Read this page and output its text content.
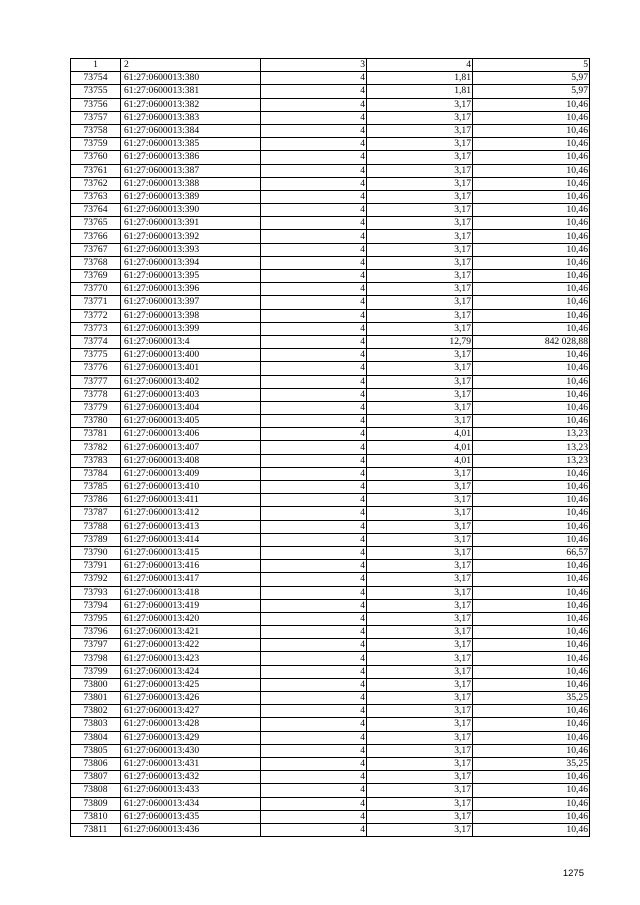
1	2	3	4	5
73754	61:27:0600013:380	4	1,81	5,97
73755	61:27:0600013:381	4	1,81	5,97
73756	61:27:0600013:382	4	3,17	10,46
73757	61:27:0600013:383	4	3,17	10,46
73758	61:27:0600013:384	4	3,17	10,46
73759	61:27:0600013:385	4	3,17	10,46
73760	61:27:0600013:386	4	3,17	10,46
73761	61:27:0600013:387	4	3,17	10,46
73762	61:27:0600013:388	4	3,17	10,46
73763	61:27:0600013:389	4	3,17	10,46
73764	61:27:0600013:390	4	3,17	10,46
73765	61:27:0600013:391	4	3,17	10,46
73766	61:27:0600013:392	4	3,17	10,46
73767	61:27:0600013:393	4	3,17	10,46
73768	61:27:0600013:394	4	3,17	10,46
73769	61:27:0600013:395	4	3,17	10,46
73770	61:27:0600013:396	4	3,17	10,46
73771	61:27:0600013:397	4	3,17	10,46
73772	61:27:0600013:398	4	3,17	10,46
73773	61:27:0600013:399	4	3,17	10,46
73774	61:27:0600013:4	4	12,79	842 028,88
73775	61:27:0600013:400	4	3,17	10,46
73776	61:27:0600013:401	4	3,17	10,46
73777	61:27:0600013:402	4	3,17	10,46
73778	61:27:0600013:403	4	3,17	10,46
73779	61:27:0600013:404	4	3,17	10,46
73780	61:27:0600013:405	4	3,17	10,46
73781	61:27:0600013:406	4	4,01	13,23
73782	61:27:0600013:407	4	4,01	13,23
73783	61:27:0600013:408	4	4,01	13,23
73784	61:27:0600013:409	4	3,17	10,46
73785	61:27:0600013:410	4	3,17	10,46
73786	61:27:0600013:411	4	3,17	10,46
73787	61:27:0600013:412	4	3,17	10,46
73788	61:27:0600013:413	4	3,17	10,46
73789	61:27:0600013:414	4	3,17	10,46
73790	61:27:0600013:415	4	3,17	66,57
73791	61:27:0600013:416	4	3,17	10,46
73792	61:27:0600013:417	4	3,17	10,46
73793	61:27:0600013:418	4	3,17	10,46
73794	61:27:0600013:419	4	3,17	10,46
73795	61:27:0600013:420	4	3,17	10,46
73796	61:27:0600013:421	4	3,17	10,46
73797	61:27:0600013:422	4	3,17	10,46
73798	61:27:0600013:423	4	3,17	10,46
73799	61:27:0600013:424	4	3,17	10,46
73800	61:27:0600013:425	4	3,17	10,46
73801	61:27:0600013:426	4	3,17	35,25
73802	61:27:0600013:427	4	3,17	10,46
73803	61:27:0600013:428	4	3,17	10,46
73804	61:27:0600013:429	4	3,17	10,46
73805	61:27:0600013:430	4	3,17	10,46
73806	61:27:0600013:431	4	3,17	35,25
73807	61:27:0600013:432	4	3,17	10,46
73808	61:27:0600013:433	4	3,17	10,46
73809	61:27:0600013:434	4	3,17	10,46
73810	61:27:0600013:435	4	3,17	10,46
73811	61:27:0600013:436	4	3,17	10,46
1275
